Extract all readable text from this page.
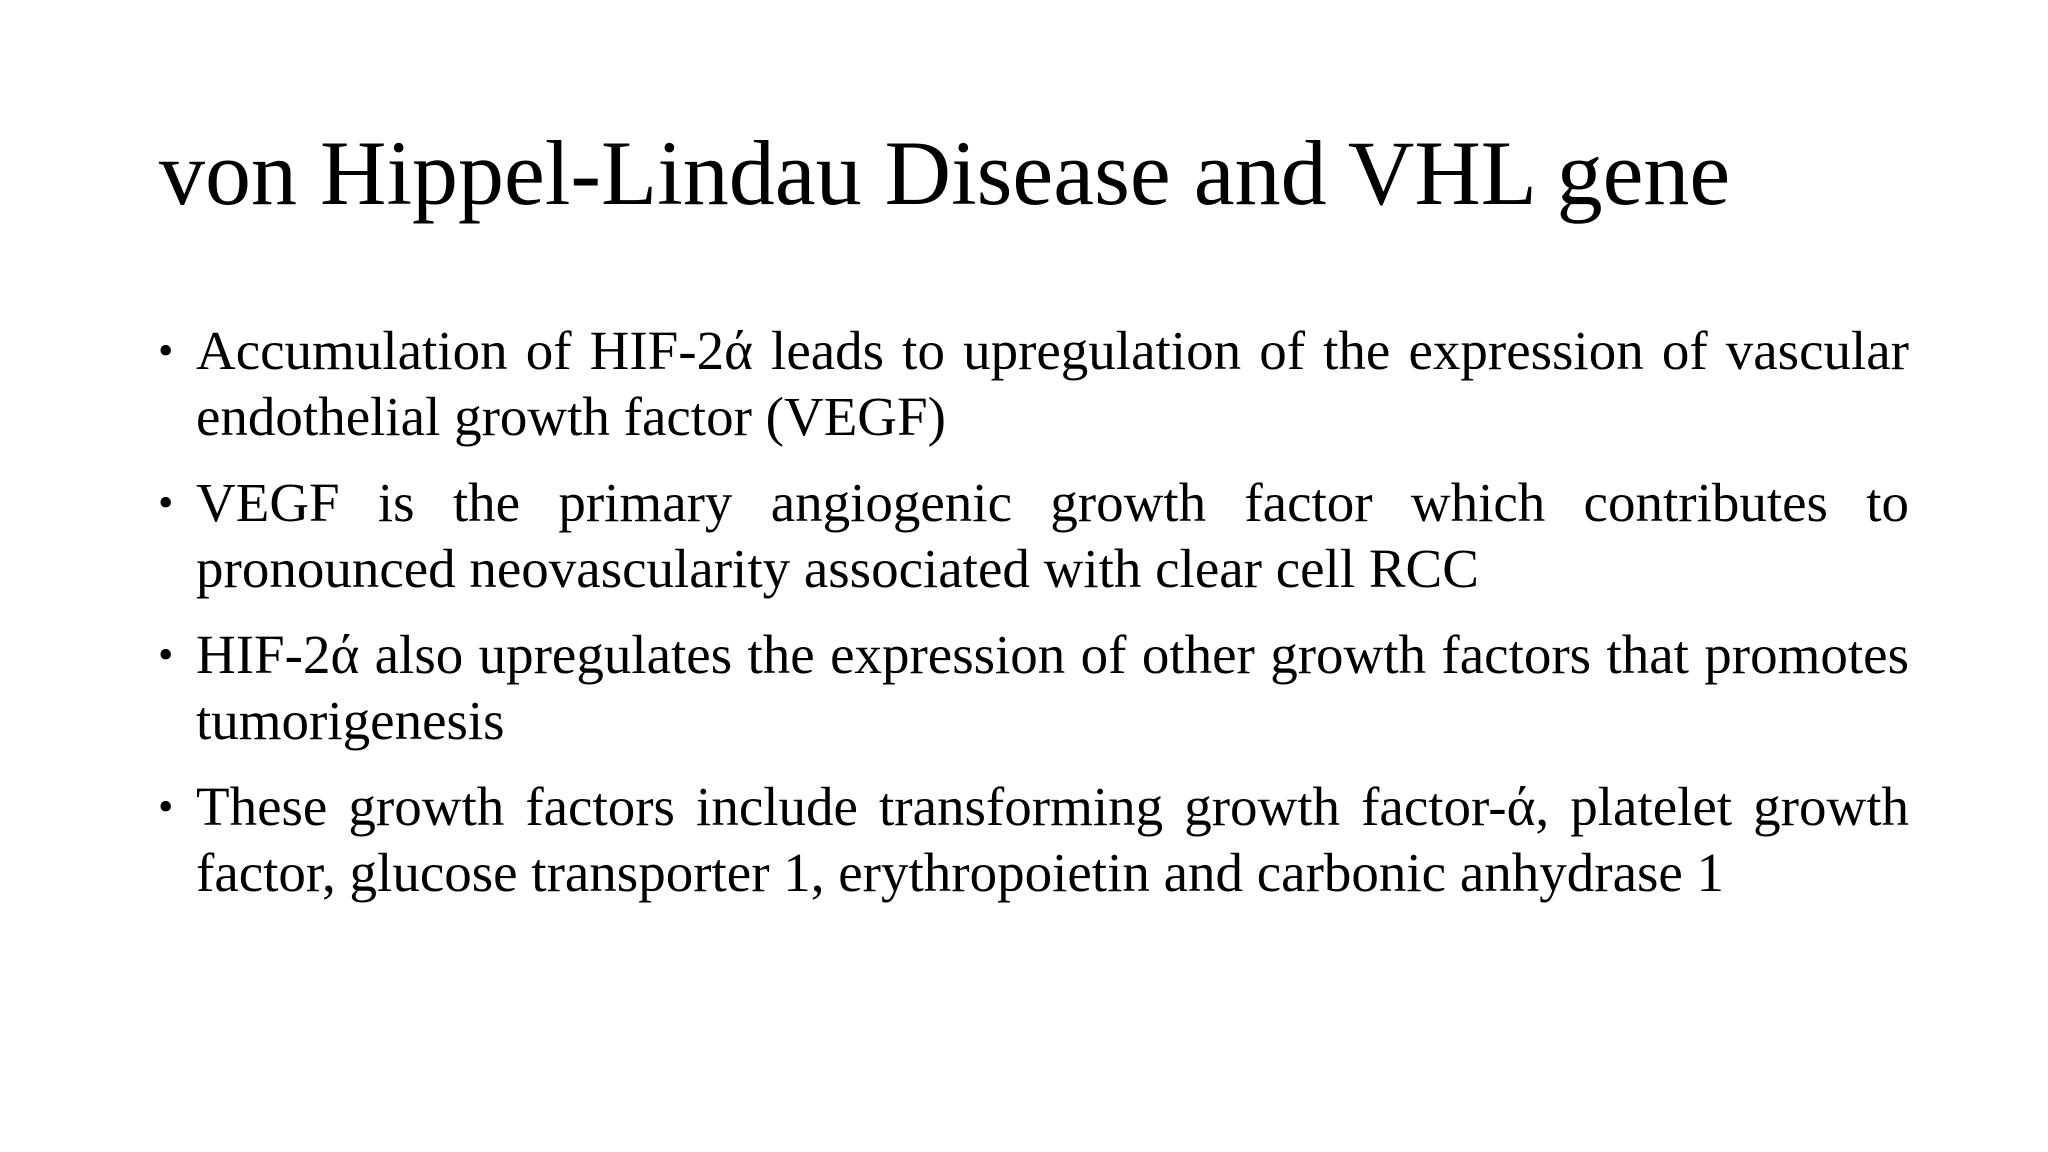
von Hippel-Lindau Disease and VHL gene
• Accumulation of HIF-2ά leads to upregulation of the expression of vascular endothelial growth factor (VEGF)
• VEGF is the primary angiogenic growth factor which contributes to pronounced neovascularity associated with clear cell RCC
• HIF-2ά also upregulates the expression of other growth factors that promotes tumorigenesis
• These growth factors include transforming growth factor-ά, platelet growth factor, glucose transporter 1, erythropoietin and carbonic anhydrase 1
